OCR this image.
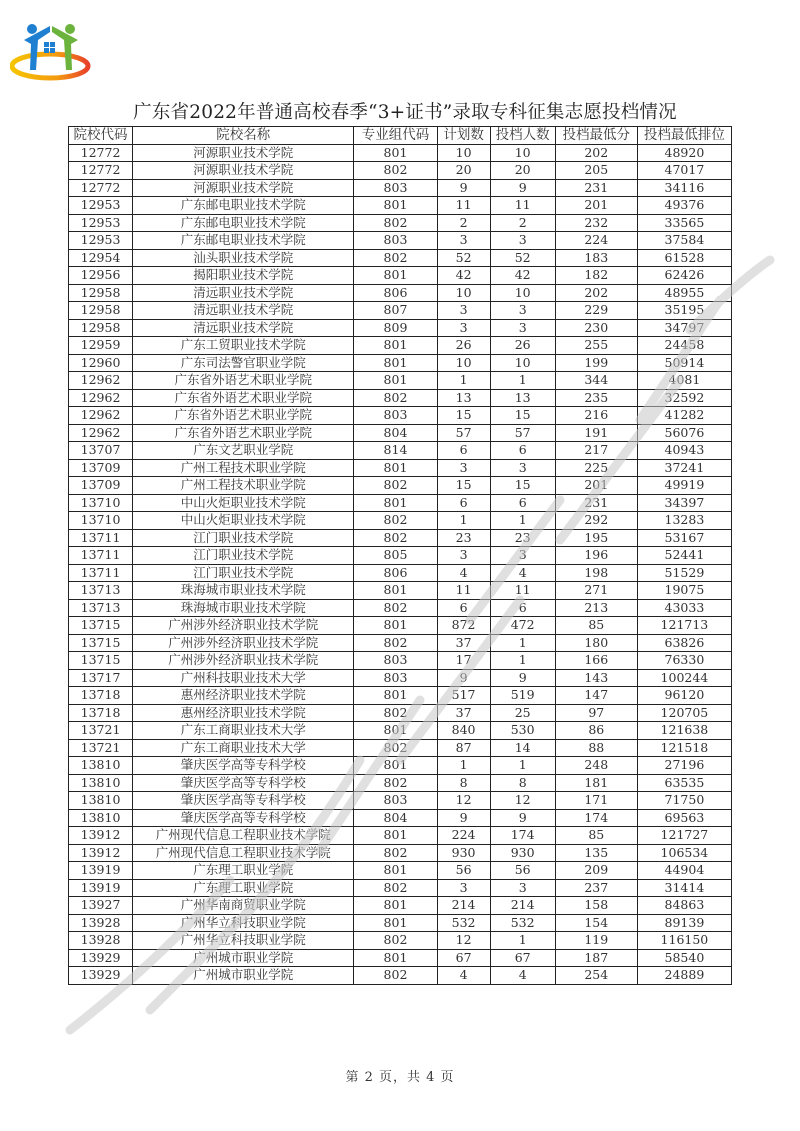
广东省2022年普通高校春季“3+证书”录取专科征集志愿投档情况
院校代码	院校名称	专业组代码	计划数	投档人数	投档最低分	投档最低排位
12772	河源职业技术学院	801	10	10	202	48920
12772	河源职业技术学院	802	20	20	205	47017
12772	河源职业技术学院	803	9	9	231	34116
12953	广东邮电职业技术学院	801	11	11	201	49376
12953	广东邮电职业技术学院	802	2	2	232	33565
12953	广东邮电职业技术学院	803	3	3	224	37584
12954	汕头职业技术学院	802	52	52	183	61528
12956	揭阳职业技术学院	801	42	42	182	62426
12958	清远职业技术学院	806	10	10	202	48955
12958	清远职业技术学院	807	3	3	229	35195
12958	清远职业技术学院	809	3	3	230	34797
12959	广东工贸职业技术学院	801	26	26	255	24458
12960	广东司法警官职业学院	801	10	10	199	50914
12962	广东省外语艺术职业学院	801	1	1	344	4081
12962	广东省外语艺术职业学院	802	13	13	235	32592
12962	广东省外语艺术职业学院	803	15	15	216	41282
12962	广东省外语艺术职业学院	804	57	57	191	56076
13707	广东文艺职业学院	814	6	6	217	40943
13709	广州工程技术职业学院	801	3	3	225	37241
13709	广州工程技术职业学院	802	15	15	201	49919
13710	中山火炬职业技术学院	801	6	6	231	34397
13710	中山火炬职业技术学院	802	1	1	292	13283
13711	江门职业技术学院	802	23	23	195	53167
13711	江门职业技术学院	805	3	3	196	52441
13711	江门职业技术学院	806	4	4	198	51529
13713	珠海城市职业技术学院	801	11	11	271	19075
13713	珠海城市职业技术学院	802	6	6	213	43033
13715	广州涉外经济职业技术学院	801	872	472	85	121713
13715	广州涉外经济职业技术学院	802	37	1	180	63826
13715	广州涉外经济职业技术学院	803	17	1	166	76330
13717	广州科技职业技术大学	803	9	9	143	100244
13718	惠州经济职业技术学院	801	517	519	147	96120
13718	惠州经济职业技术学院	802	37	25	97	120705
13721	广东工商职业技术大学	801	840	530	86	121638
13721	广东工商职业技术大学	802	87	14	88	121518
13810	肇庆医学高等专科学校	801	1	1	248	27196
13810	肇庆医学高等专科学校	802	8	8	181	63535
13810	肇庆医学高等专科学校	803	12	12	171	71750
13810	肇庆医学高等专科学校	804	9	9	174	69563
13912	广州现代信息工程职业技术学院	801	224	174	85	121727
13912	广州现代信息工程职业技术学院	802	930	930	135	106534
13919	广东理工职业学院	801	56	56	209	44904
13919	广东理工职业学院	802	3	3	237	31414
13927	广州华南商贸职业学院	801	214	214	158	84863
13928	广州华立科技职业学院	801	532	532	154	89139
13928	广州华立科技职业学院	802	12	1	119	116150
13929	广州城市职业学院	801	67	67	187	58540
13929	广州城市职业学院	802	4	4	254	24889
第 2 页，共 4 页
